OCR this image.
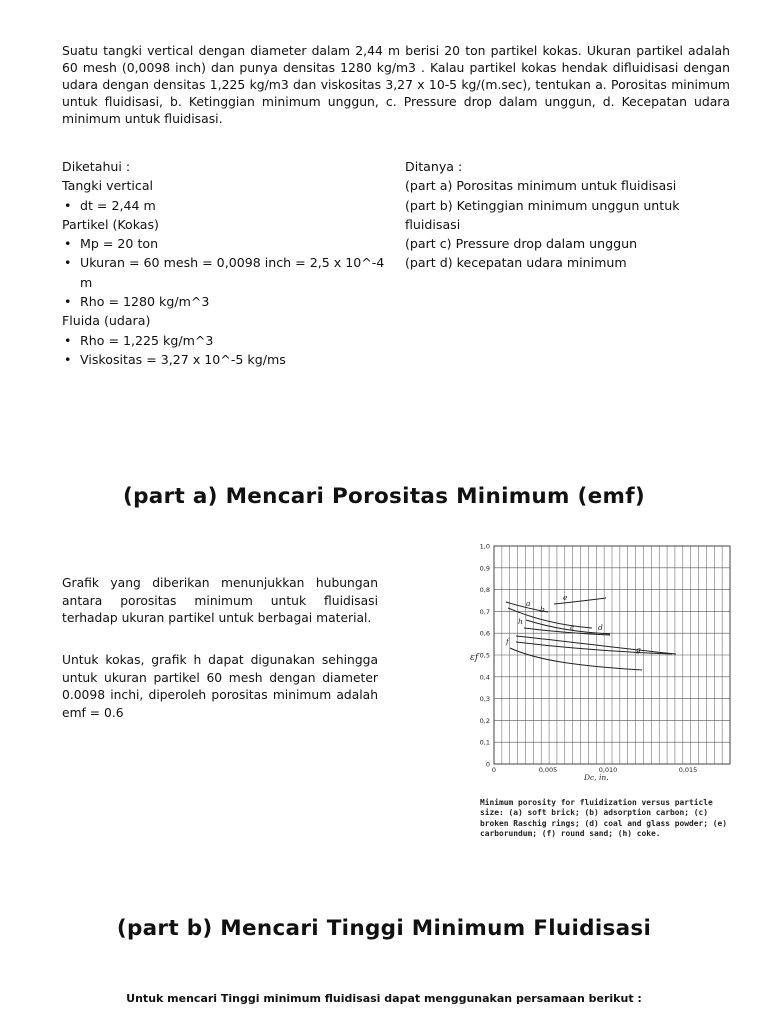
Suatu tangki vertical dengan diameter dalam 2,44 m berisi 20 ton partikel kokas. Ukuran partikel adalah 60 mesh (0,0098 inch) dan punya densitas 1280 kg/m3 . Kalau partikel kokas hendak difluidisasi dengan udara dengan densitas 1,225 kg/m3 dan viskositas 3,27 x 10-5 kg/(m.sec), tentukan a. Porositas minimum untuk fluidisasi, b. Ketinggian minimum unggun, c. Pressure drop dalam unggun, d. Kecepatan udara minimum untuk fluidisasi.

Diketahui :
Tangki vertical
• dt = 2,44 m
Partikel (Kokas)
• Mp = 20 ton
• Ukuran = 60 mesh = 0,0098 inch = 2,5 x 10^-4 m
• Rho = 1280 kg/m^3
Fluida (udara)
• Rho = 1,225 kg/m^3
• Viskositas = 3,27 x 10^-5 kg/ms
Ditanya :
(part a) Porositas minimum untuk fluidisasi
(part b) Ketinggian minimum unggun untuk fluidisasi
(part c) Pressure drop dalam unggun
(part d) kecepatan udara minimum
(part a) Mencari Porositas Minimum (emf)

Grafik yang diberikan menunjukkan hubungan antara porositas minimum untuk fluidisasi terhadap ukuran partikel untuk berbagai material.

Untuk kokas, grafik h dapat digunakan sehingga untuk ukuran partikel 60 mesh dengan diameter 0.0098 inchi, diperoleh porositas minimum adalah emf = 0.6

1,0
0,9
0,8
0,7
0,6
0,5
0,4
0,3
0,2
0,1
0
0	0,005	0,010	0,015
e
b
a
d
c
g
h
f
εf
Dc, in.
Minimum porosity for fluidization versus particle size: (a) soft brick; (b) adsorption carbon; (c) broken Raschig rings; (d) coal and glass powder; (e) carborundum; (f) round sand; (h) coke.
(part b) Mencari Tinggi Minimum Fluidisasi

Untuk mencari Tinggi minimum fluidisasi dapat menggunakan persamaan berikut :
